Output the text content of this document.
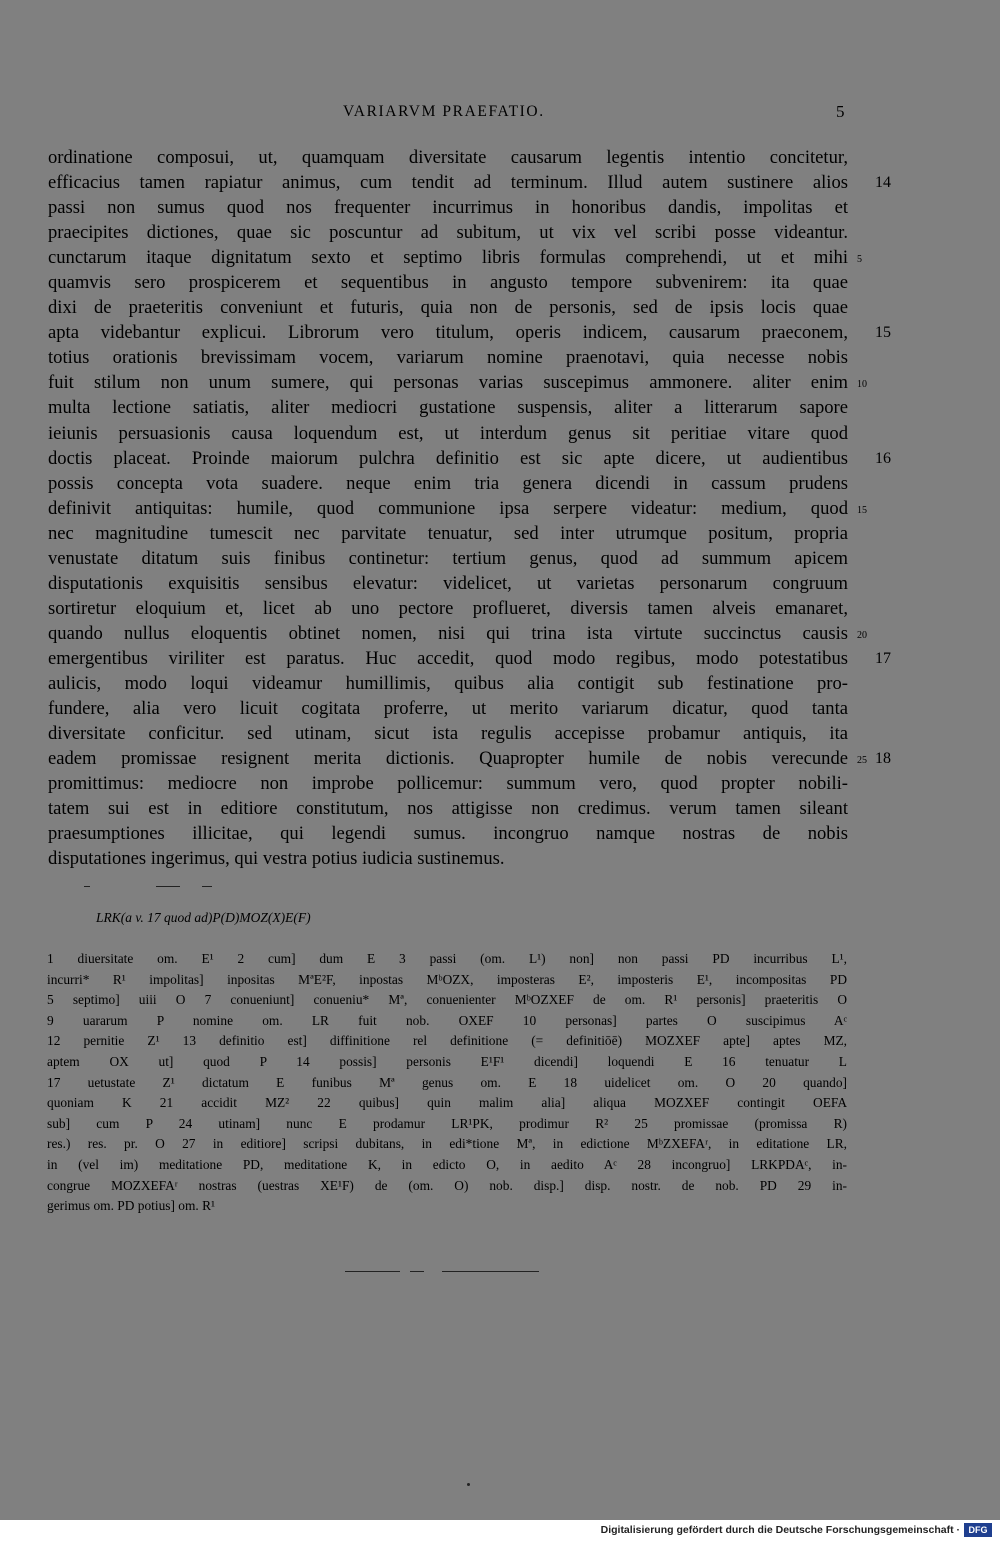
VARIARVM PRAEFATIO.	5
ordinatione composui, ut, quamquam diversitate causarum legentis intentio concitetur,
efficacius tamen rapiatur animus, cum tendit ad terminum. Illud autem sustinere alios 14
passi non sumus quod nos frequenter incurrimus in honoribus dandis, impolitas et
praecipites dictiones, quae sic poscuntur ad subitum, ut vix vel scribi posse videantur.
cunctarum itaque dignitatum sexto et septimo libris formulas comprehendi, ut et mihi 5
quamvis sero prospicerem et sequentibus in angusto tempore subvenirem: ita quae
dixi de praeteritis conveniunt et futuris, quia non de personis, sed de ipsis locis quae
apta videbantur explicui. Librorum vero titulum, operis indicem, causarum praeconem, 15
totius orationis brevissimam vocem, variarum nomine praenotavi, quia necesse nobis
fuit stilum non unum sumere, qui personas varias suscepimus ammonere. aliter enim 10
multa lectione satiatis, aliter mediocri gustatione suspensis, aliter a litterarum sapore
ieiunis persuasionis causa loquendum est, ut interdum genus sit peritiae vitare quod
doctis placeat. Proinde maiorum pulchra definitio est sic apte dicere, ut audientibus 16
possis concepta vota suadere. neque enim tria genera dicendi in cassum prudens
definivit antiquitas: humile, quod communione ipsa serpere videatur: medium, quod 15
nec magnitudine tumescit nec parvitate tenuatur, sed inter utrumque positum, propria
venustate ditatum suis finibus continetur: tertium genus, quod ad summum apicem
disputationis exquisitis sensibus elevatur: videlicet, ut varietas personarum congruum
sortiretur eloquium et, licet ab uno pectore proflueret, diversis tamen alveis emanaret,
quando nullus eloquentis obtinet nomen, nisi qui trina ista virtute succinctus causis 20
emergentibus viriliter est paratus. Huc accedit, quod modo regibus, modo potestatibus 17
aulicis, modo loqui videamur humillimis, quibus alia contigit sub festinatione pro-
fundere, alia vero licuit cogitata proferre, ut merito variarum dicatur, quod tanta
diversitate conficitur. sed utinam, sicut ista regulis accepisse probamur antiquis, ita
eadem promissae resignent merita dictionis. Quapropter humile de nobis verecunde 25 18
promittimus: mediocre non improbe pollicemur: summum vero, quod propter nobili-
tatem sui est in editiore constitutum, nos attigisse non credimus. verum tamen sileant
praesumptiones illicitae, qui legendi sumus. incongruo namque nostras de nobis
disputationes ingerimus, qui vestra potius iudicia sustinemus.
LRK(a v. 17 quod ad)P(D)MOZ(X)E(F)
1 diuersitate om. E¹ 2 cum] dum E 3 passi (om. L¹) non] non passi PD incurribus L¹,
incurri* R¹ impolitas] inpositas MªE²F, inpostas MᵇOZX, imposteras E², imposteris E¹, incompositas PD
5 septimo] uiii O 7 conueniunt] conueniu* Mª, conuenienter MᵇOZXEF de om. R¹ personis] praeteritis O
9 uararum P nomine om. LR fuit nob. OXEF 10 personas] partes O suscipimus Aᶜ
12 pernitie Z¹ 13 definitio est] diffinitione rel definitione (= definitiōē) MOZXEF apte] aptes MZ,
aptem OX ut] quod P 14 possis] personis E¹F¹ dicendi] loquendi E 16 tenuatur L
17 uetustate Z¹ dictatum E funibus Mª genus om. E 18 uidelicet om. O 20 quando]
quoniam K 21 accidit MZ² 22 quibus] quin malim alia] aliqua MOZXEF contingit OEFA
sub] cum P 24 utinam] nunc E prodamur LR¹PK, prodimur R² 25 promissae (promissa R)
res.) res. pr. O 27 in editiore] scripsi dubitans, in edi*tione Mª, in edictione MᵇZXEFAʳ, in editatione LR,
in (vel im) meditatione PD, meditatione K, in edicto O, in aedito Aᶜ 28 incongruo] LRKPDAᶜ, in-
congrue MOZXEFAʳ nostras (uestras XE¹F) de (om. O) nob. disp.] disp. nostr. de nob. PD 29 in-
gerimus om. PD potius] om. R¹
Digitalisierung gefördert durch die Deutsche Forschungsgemeinschaft · DFG
